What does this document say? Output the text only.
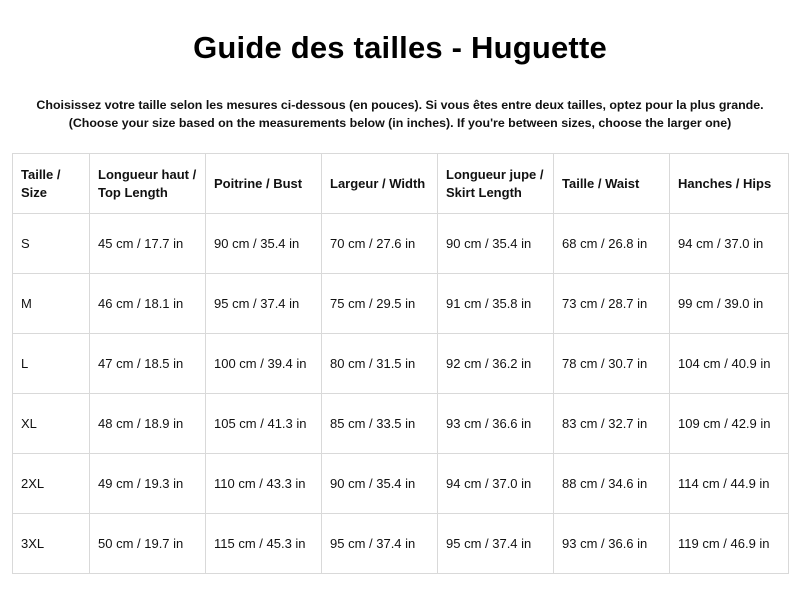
Guide des tailles - Huguette
Choisissez votre taille selon les mesures ci-dessous (en pouces). Si vous êtes entre deux tailles, optez pour la plus grande.
(Choose your size based on the measurements below (in inches). If you're between sizes, choose the larger one)
Taille / Size	Longueur haut / Top Length	Poitrine / Bust	Largeur / Width	Longueur jupe / Skirt Length	Taille / Waist	Hanches / Hips
S	45 cm / 17.7 in	90 cm / 35.4 in	70 cm / 27.6 in	90 cm / 35.4 in	68 cm / 26.8 in	94 cm / 37.0 in
M	46 cm / 18.1 in	95 cm / 37.4 in	75 cm / 29.5 in	91 cm / 35.8 in	73 cm / 28.7 in	99 cm / 39.0 in
L	47 cm / 18.5 in	100 cm / 39.4 in	80 cm / 31.5 in	92 cm / 36.2 in	78 cm / 30.7 in	104 cm / 40.9 in
XL	48 cm / 18.9 in	105 cm / 41.3 in	85 cm / 33.5 in	93 cm / 36.6 in	83 cm / 32.7 in	109 cm / 42.9 in
2XL	49 cm / 19.3 in	110 cm / 43.3 in	90 cm / 35.4 in	94 cm / 37.0 in	88 cm / 34.6 in	114 cm / 44.9 in
3XL	50 cm / 19.7 in	115 cm / 45.3 in	95 cm / 37.4 in	95 cm / 37.4 in	93 cm / 36.6 in	119 cm / 46.9 in
